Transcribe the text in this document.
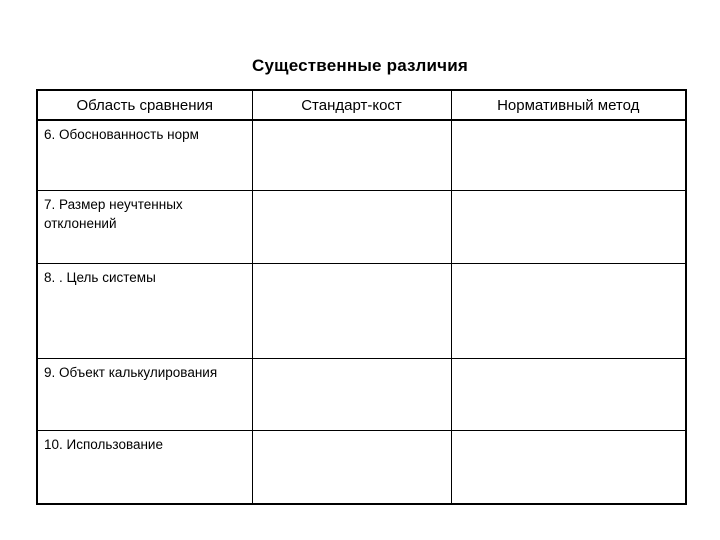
Существенные различия
Область сравнения	Стандарт-кост	Нормативный метод
6. Обоснованность норм		
7. Размер неучтенных отклонений		
8. . Цель системы		
9. Объект калькулирования		
10. Использование		
